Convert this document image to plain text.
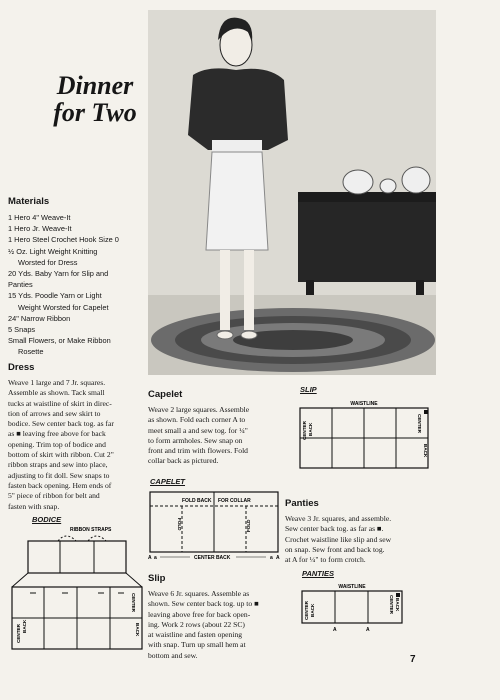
Dinner
for Two
Materials
1 Hero 4" Weave-It
1 Hero Jr. Weave-It
1 Hero Steel Crochet Hook Size 0
½ Oz. Light Weight Knitting
Worsted for Dress
20 Yds. Baby Yarn for Slip and
Panties
15 Yds. Poodle Yarn or Light
Weight Worsted for Capelet
24" Narrow Ribbon
5 Snaps
Small Flowers, or Make Ribbon
Rosette
Dress
Weave 1 large and 7 Jr. squares.
Assemble as shown. Tack small
tucks at waistline of skirt in direc-
tion of arrows and sew skirt to
bodice. Sew center back tog. as far
as ■ leaving free above for back
opening. Trim top of bodice and
bottom of skirt with ribbon. Cut 2"
ribbon straps and sew into place,
adjusting to fit doll. Sew snaps to
fasten back opening. Hem ends of
5" piece of ribbon for belt and
fasten with snap.
Capelet
Weave 2 large squares. Assemble
as shown. Fold each corner A to
meet small a and sew tog. for ¼"
to form armholes. Sew snap on
front and trim with flowers. Fold
collar back as pictured.
SLIP
WAISTLINE
CENTER BACK	CENTER
BACK
CAPELET
FOLD BACK FOR COLLAR
FOLD	FOLD
A a	CENTER BACK	a A
Panties
Weave 3 Jr. squares, and assemble.
Sew center back tog. as far as ■.
Crochet waistline like slip and sew
on snap. Sew front and back tog.
at A for ¼" to form crotch.
BODICE
RIBBON STRAPS
CENTER BACK
CENTER
BACK
Slip
Weave 6 Jr. squares. Assemble as
shown. Sew center back tog. up to ■
leaving above free for back open-
ing. Work 2 rows (about 22 SC)
at waistline and fasten opening
with snap. Turn up small hem at
bottom and sew.
PANTIES
WAISTLINE
CENTER BACK	CENTER BACK
A	A
7
